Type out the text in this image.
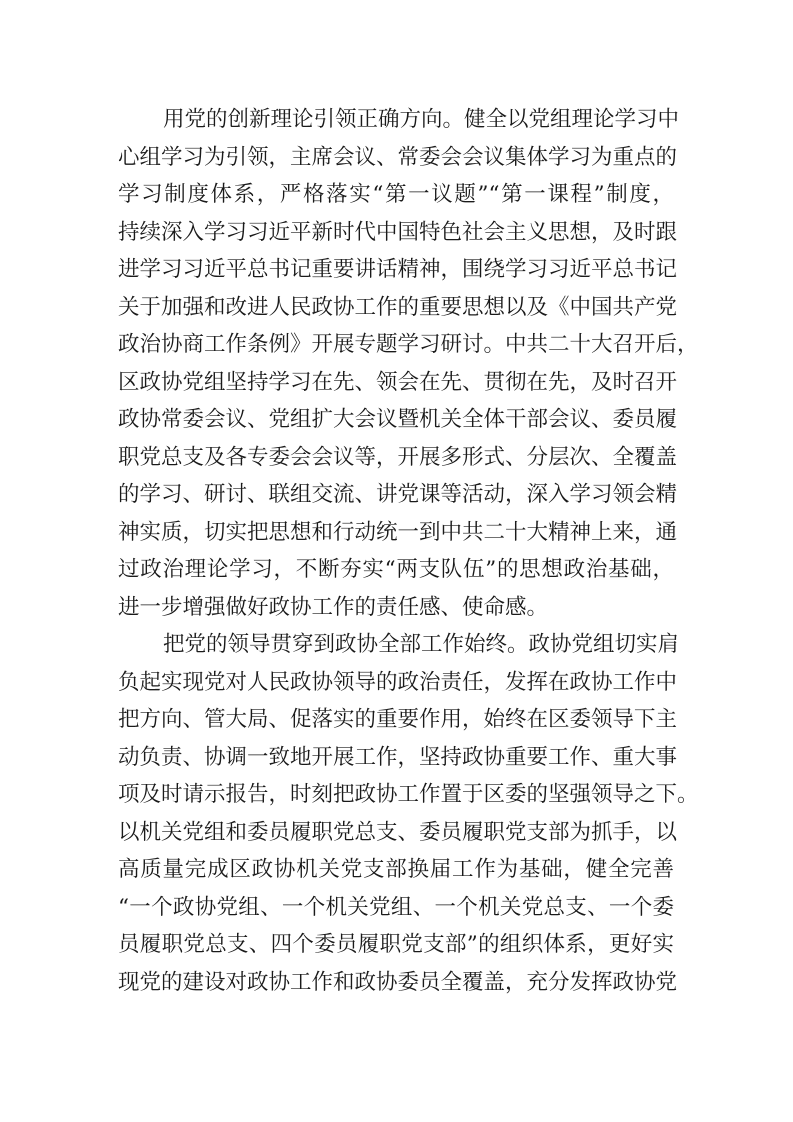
用党的创新理论引领正确方向。健全以党组理论学习中
心组学习为引领，主席会议、常委会会议集体学习为重点的
学习制度体系，严格落实“第一议题”“第一课程”制度，
持续深入学习习近平新时代中国特色社会主义思想，及时跟
进学习习近平总书记重要讲话精神，围绕学习习近平总书记
关于加强和改进人民政协工作的重要思想以及《中国共产党
政治协商工作条例》开展专题学习研讨。中共二十大召开后，
区政协党组坚持学习在先、领会在先、贯彻在先，及时召开
政协常委会议、党组扩大会议暨机关全体干部会议、委员履
职党总支及各专委会会议等，开展多形式、分层次、全覆盖
的学习、研讨、联组交流、讲党课等活动，深入学习领会精
神实质，切实把思想和行动统一到中共二十大精神上来，通
过政治理论学习，不断夯实“两支队伍”的思想政治基础，
进一步增强做好政协工作的责任感、使命感。
把党的领导贯穿到政协全部工作始终。政协党组切实肩
负起实现党对人民政协领导的政治责任，发挥在政协工作中
把方向、管大局、促落实的重要作用，始终在区委领导下主
动负责、协调一致地开展工作，坚持政协重要工作、重大事
项及时请示报告，时刻把政协工作置于区委的坚强领导之下。
以机关党组和委员履职党总支、委员履职党支部为抓手，以
高质量完成区政协机关党支部换届工作为基础，健全完善
“一个政协党组、一个机关党组、一个机关党总支、一个委
员履职党总支、四个委员履职党支部”的组织体系，更好实
现党的建设对政协工作和政协委员全覆盖，充分发挥政协党
